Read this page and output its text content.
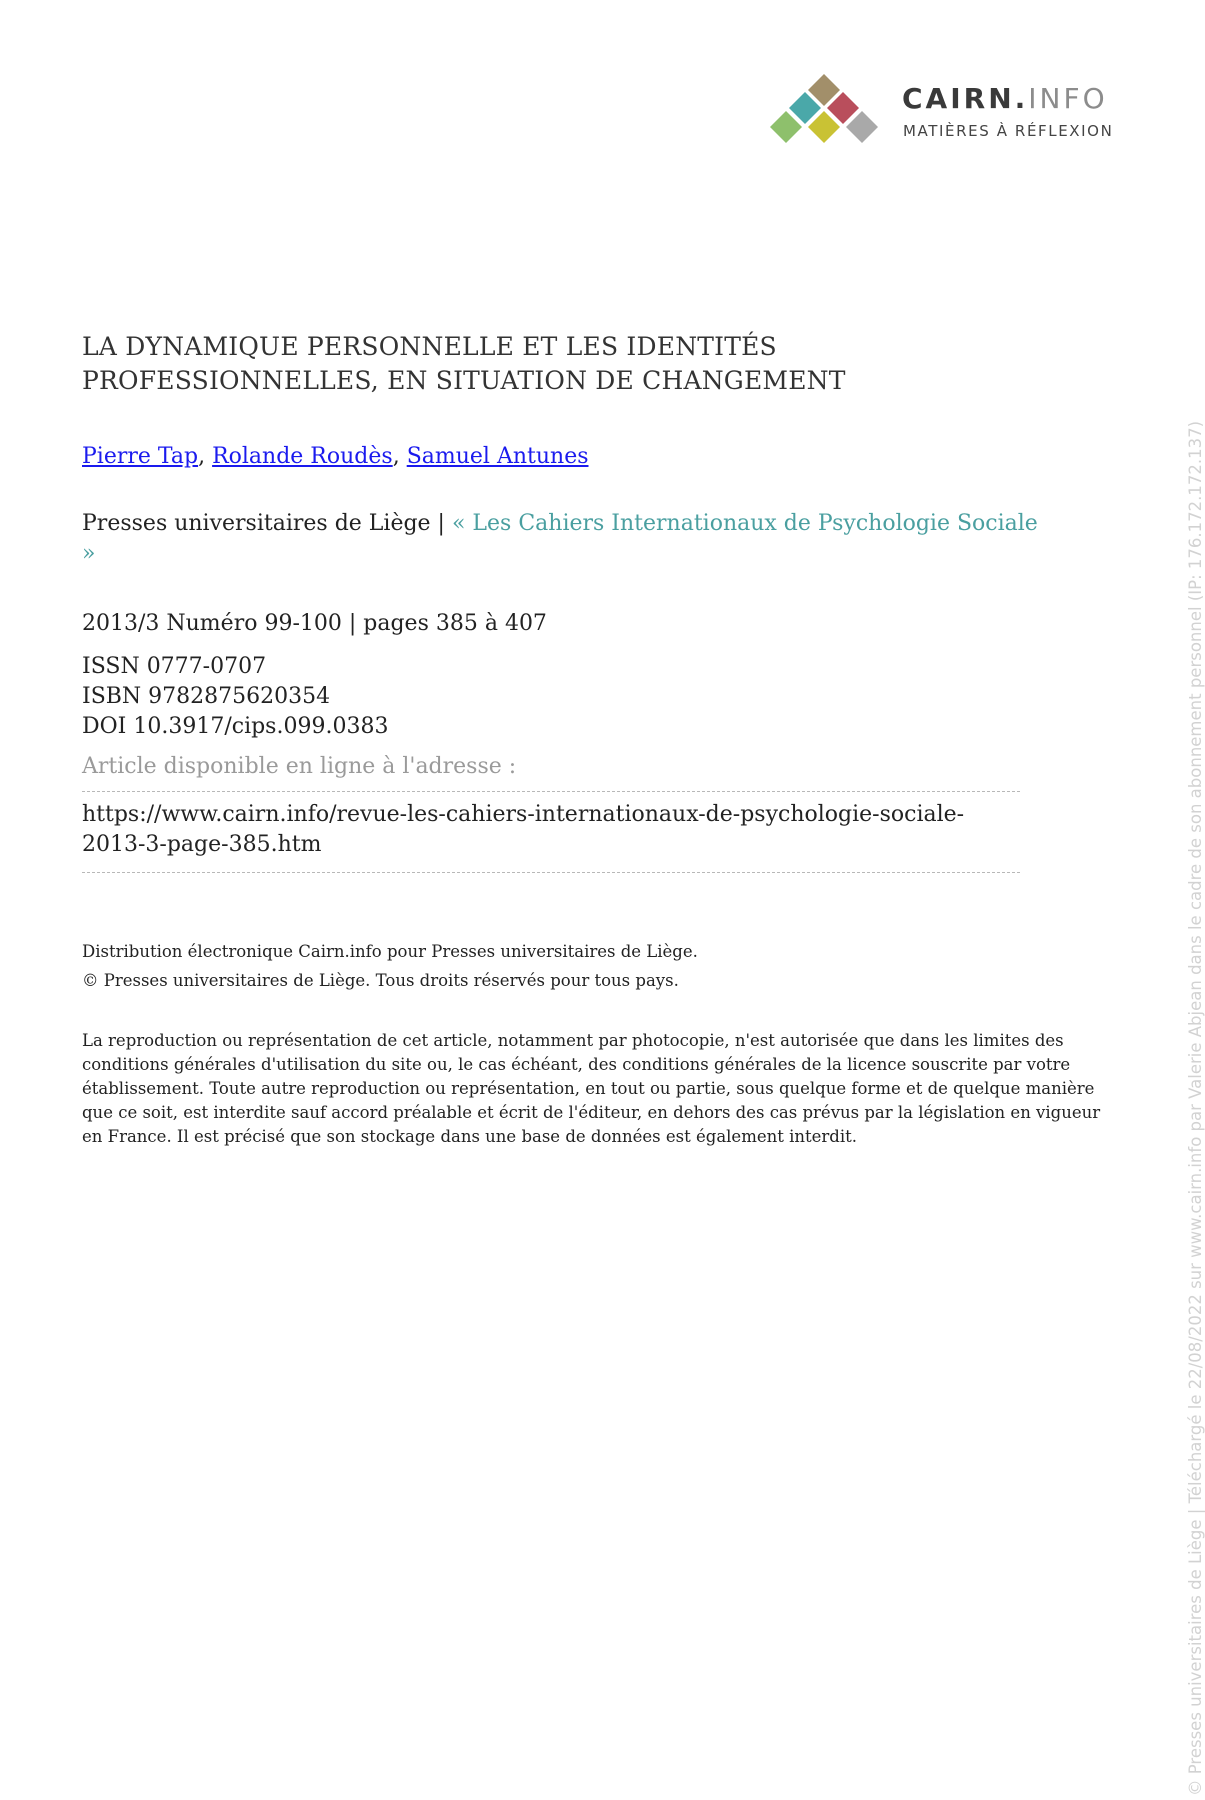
CAIRN.INFO
MATIÈRES À RÉFLEXION
LA DYNAMIQUE PERSONNELLE ET LES IDENTITÉS
PROFESSIONNELLES, EN SITUATION DE CHANGEMENT
Pierre Tap, Rolande Roudès, Samuel Antunes
Presses universitaires de Liège | « Les Cahiers Internationaux de Psychologie Sociale »
2013/3 Numéro 99-100 | pages 385 à 407
ISSN 0777-0707
ISBN 9782875620354
DOI 10.3917/cips.099.0383
Article disponible en ligne à l'adresse :
https://www.cairn.info/revue-les-cahiers-internationaux-de-psychologie-sociale-2013-3-page-385.htm
Distribution électronique Cairn.info pour Presses universitaires de Liège.
© Presses universitaires de Liège. Tous droits réservés pour tous pays.
La reproduction ou représentation de cet article, notamment par photocopie, n'est autorisée que dans les limites des conditions générales d'utilisation du site ou, le cas échéant, des conditions générales de la licence souscrite par votre établissement. Toute autre reproduction ou représentation, en tout ou partie, sous quelque forme et de quelque manière que ce soit, est interdite sauf accord préalable et écrit de l'éditeur, en dehors des cas prévus par la législation en vigueur en France. Il est précisé que son stockage dans une base de données est également interdit.	© Presses universitaires de Liège | Téléchargé le 22/08/2022 sur www.cairn.info par Valerie Abjean dans le cadre de son abonnement personnel (IP: 176.172.172.137)
